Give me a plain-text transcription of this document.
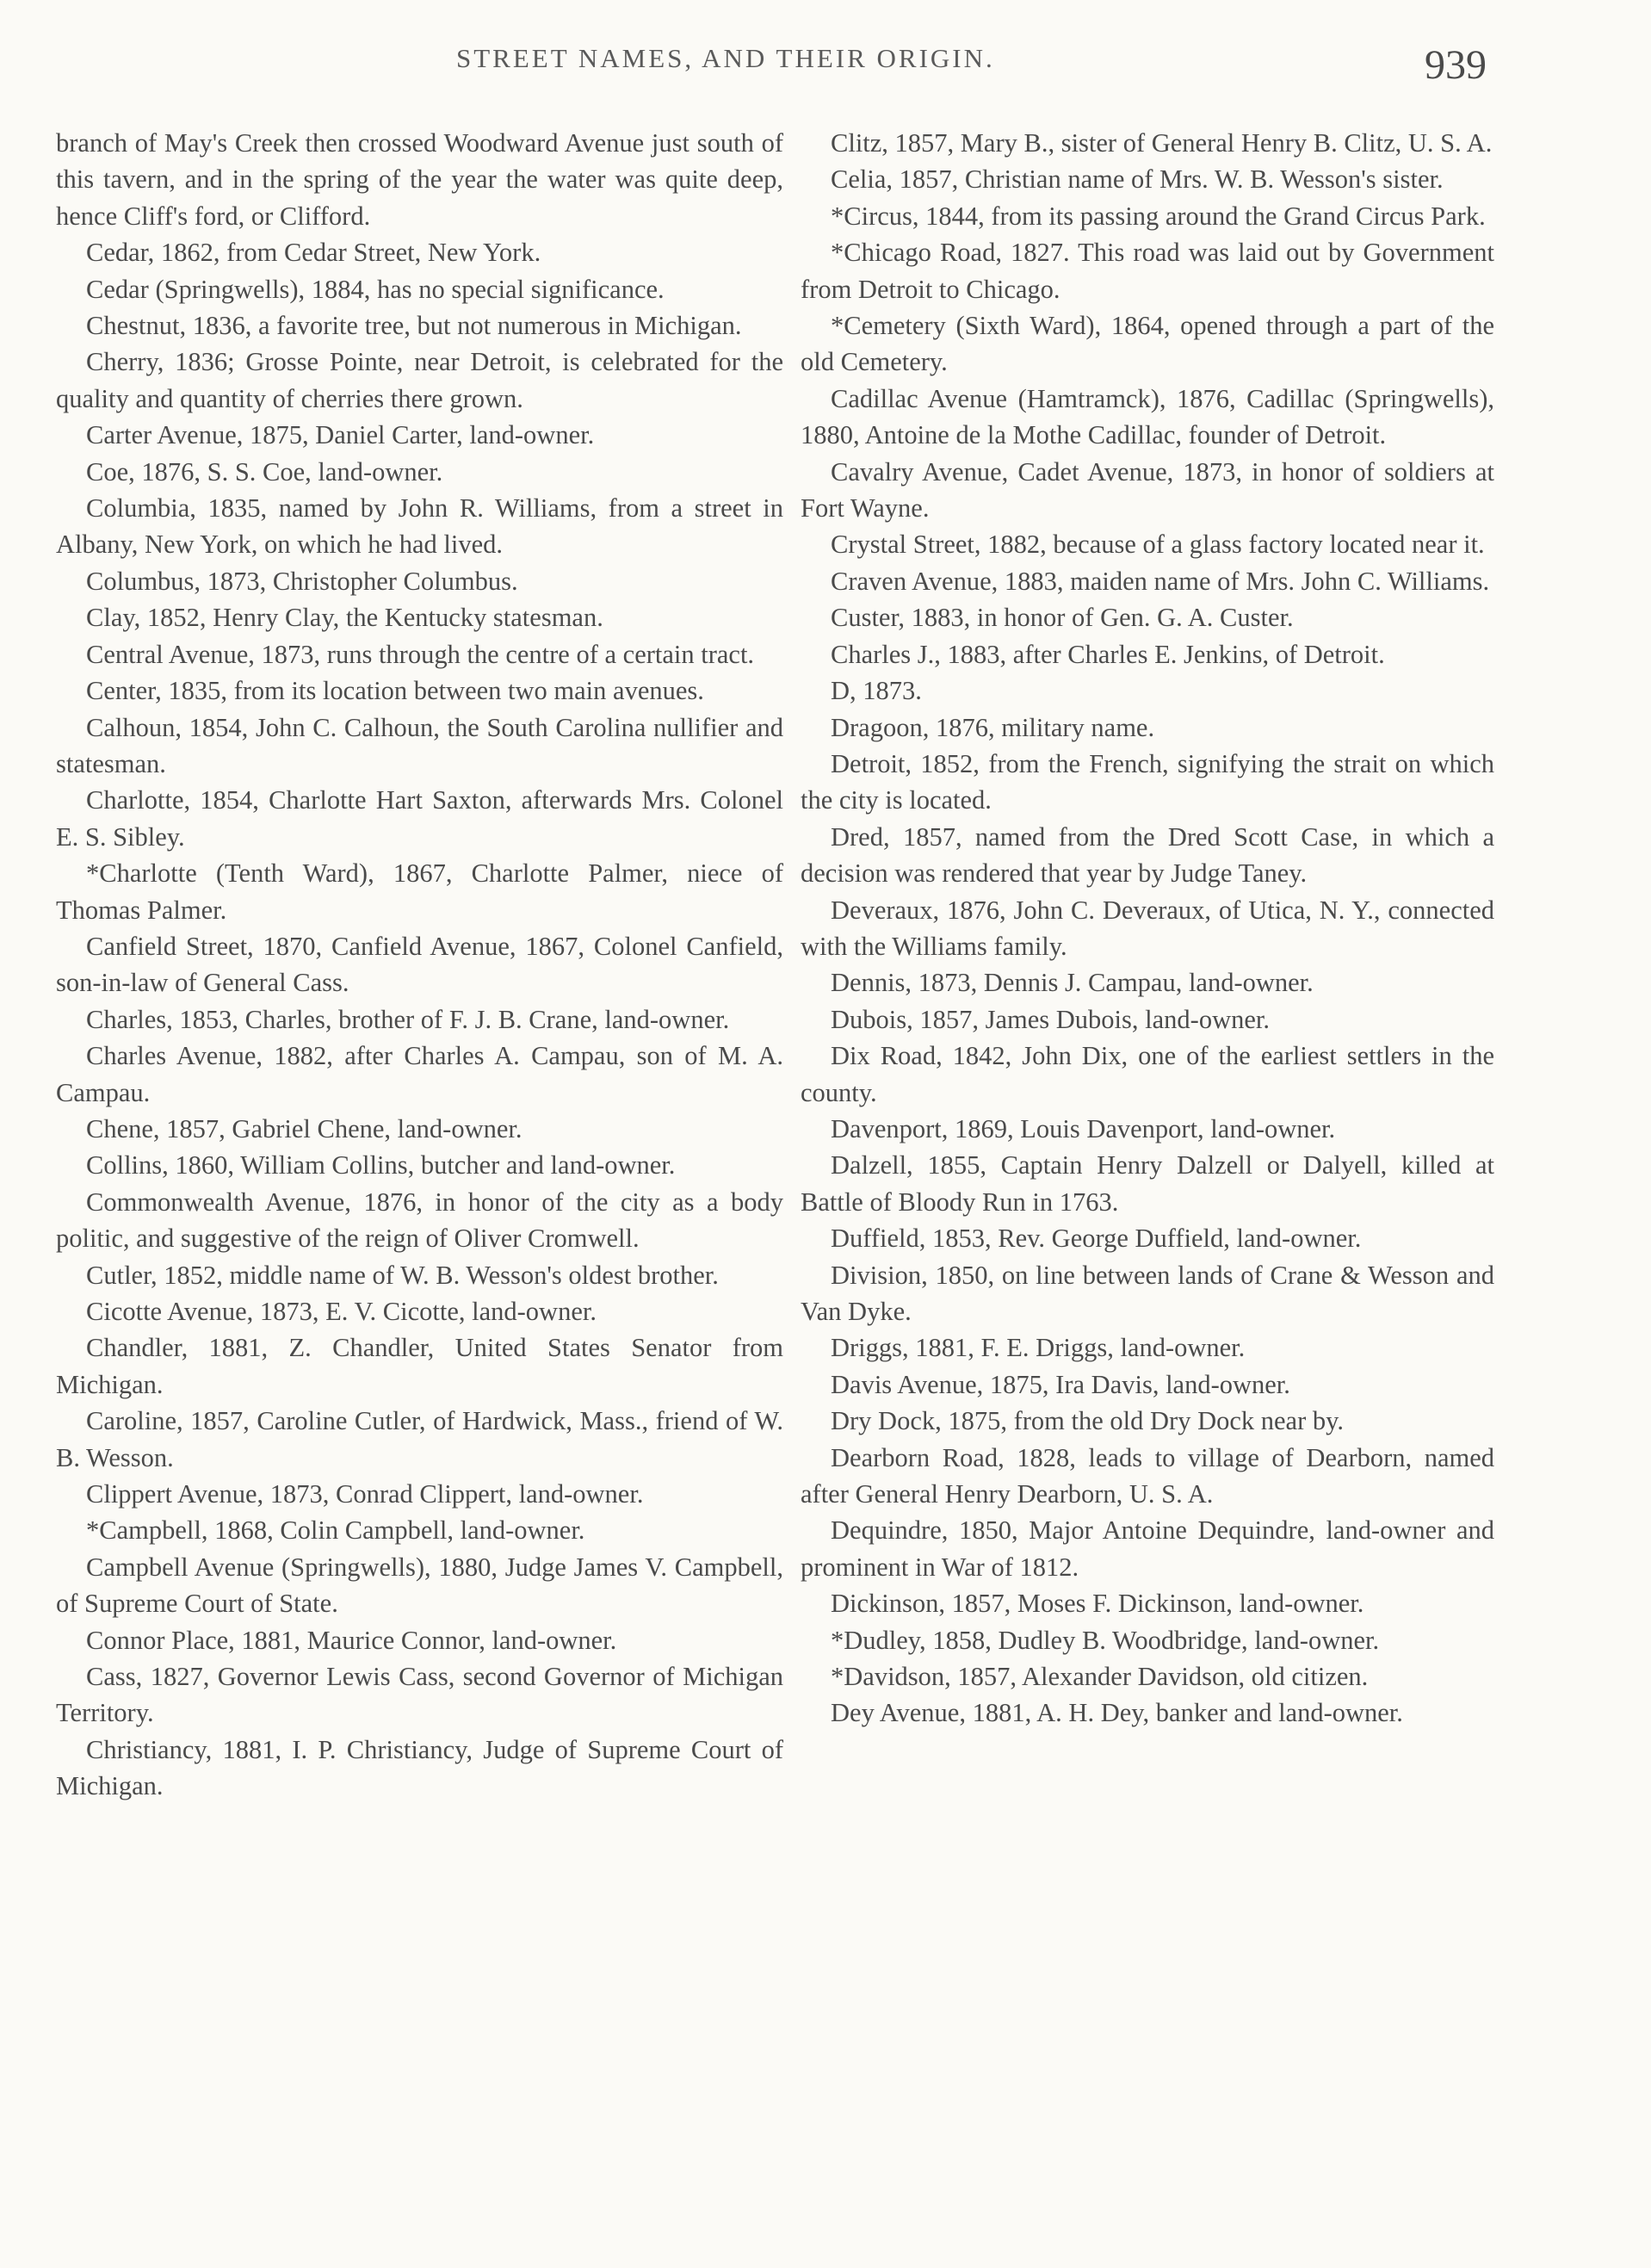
STREET NAMES, AND THEIR ORIGIN.	939

branch of May's Creek then crossed Woodward Avenue just south of this tavern, and in the spring of the year the water was quite deep, hence Cliff's ford, or Clifford.

Cedar, 1862, from Cedar Street, New York.

Cedar (Springwells), 1884, has no special significance.

Chestnut, 1836, a favorite tree, but not numerous in Michigan.

Cherry, 1836; Grosse Pointe, near Detroit, is celebrated for the quality and quantity of cherries there grown.

Carter Avenue, 1875, Daniel Carter, land-owner.

Coe, 1876, S. S. Coe, land-owner.

Columbia, 1835, named by John R. Williams, from a street in Albany, New York, on which he had lived.

Columbus, 1873, Christopher Columbus.

Clay, 1852, Henry Clay, the Kentucky statesman.

Central Avenue, 1873, runs through the centre of a certain tract.

Center, 1835, from its location between two main avenues.

Calhoun, 1854, John C. Calhoun, the South Carolina nullifier and statesman.

Charlotte, 1854, Charlotte Hart Saxton, afterwards Mrs. Colonel E. S. Sibley.

*Charlotte (Tenth Ward), 1867, Charlotte Palmer, niece of Thomas Palmer.

Canfield Street, 1870, Canfield Avenue, 1867, Colonel Canfield, son-in-law of General Cass.

Charles, 1853, Charles, brother of F. J. B. Crane, land-owner.

Charles Avenue, 1882, after Charles A. Campau, son of M. A. Campau.

Chene, 1857, Gabriel Chene, land-owner.

Collins, 1860, William Collins, butcher and land-owner.

Commonwealth Avenue, 1876, in honor of the city as a body politic, and suggestive of the reign of Oliver Cromwell.

Cutler, 1852, middle name of W. B. Wesson's oldest brother.

Cicotte Avenue, 1873, E. V. Cicotte, land-owner.

Chandler, 1881, Z. Chandler, United States Senator from Michigan.

Caroline, 1857, Caroline Cutler, of Hardwick, Mass., friend of W. B. Wesson.

Clippert Avenue, 1873, Conrad Clippert, land-owner.

*Campbell, 1868, Colin Campbell, land-owner.

Campbell Avenue (Springwells), 1880, Judge James V. Campbell, of Supreme Court of State.

Connor Place, 1881, Maurice Connor, land-owner.

Cass, 1827, Governor Lewis Cass, second Governor of Michigan Territory.

Christiancy, 1881, I. P. Christiancy, Judge of Supreme Court of Michigan.

Clitz, 1857, Mary B., sister of General Henry B. Clitz, U. S. A.

Celia, 1857, Christian name of Mrs. W. B. Wesson's sister.

*Circus, 1844, from its passing around the Grand Circus Park.

*Chicago Road, 1827. This road was laid out by Government from Detroit to Chicago.

*Cemetery (Sixth Ward), 1864, opened through a part of the old Cemetery.

Cadillac Avenue (Hamtramck), 1876, Cadillac (Springwells), 1880, Antoine de la Mothe Cadillac, founder of Detroit.

Cavalry Avenue, Cadet Avenue, 1873, in honor of soldiers at Fort Wayne.

Crystal Street, 1882, because of a glass factory located near it.

Craven Avenue, 1883, maiden name of Mrs. John C. Williams.

Custer, 1883, in honor of Gen. G. A. Custer.

Charles J., 1883, after Charles E. Jenkins, of Detroit.

D, 1873.

Dragoon, 1876, military name.

Detroit, 1852, from the French, signifying the strait on which the city is located.

Dred, 1857, named from the Dred Scott Case, in which a decision was rendered that year by Judge Taney.

Deveraux, 1876, John C. Deveraux, of Utica, N. Y., connected with the Williams family.

Dennis, 1873, Dennis J. Campau, land-owner.

Dubois, 1857, James Dubois, land-owner.

Dix Road, 1842, John Dix, one of the earliest settlers in the county.

Davenport, 1869, Louis Davenport, land-owner.

Dalzell, 1855, Captain Henry Dalzell or Dalyell, killed at Battle of Bloody Run in 1763.

Duffield, 1853, Rev. George Duffield, land-owner.

Division, 1850, on line between lands of Crane & Wesson and Van Dyke.

Driggs, 1881, F. E. Driggs, land-owner.

Davis Avenue, 1875, Ira Davis, land-owner.

Dry Dock, 1875, from the old Dry Dock near by.

Dearborn Road, 1828, leads to village of Dearborn, named after General Henry Dearborn, U. S. A.

Dequindre, 1850, Major Antoine Dequindre, land-owner and prominent in War of 1812.

Dickinson, 1857, Moses F. Dickinson, land-owner.

*Dudley, 1858, Dudley B. Woodbridge, land-owner.

*Davidson, 1857, Alexander Davidson, old citizen.

Dey Avenue, 1881, A. H. Dey, banker and land-owner.
